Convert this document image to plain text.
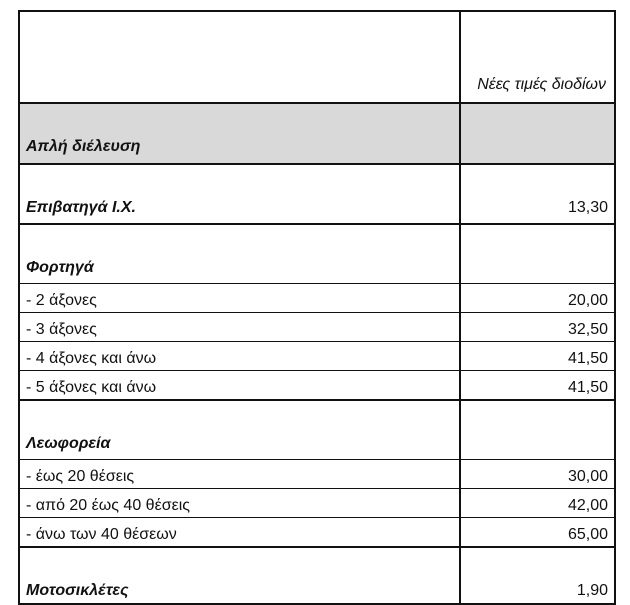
	Νέες τιμές διοδίων
Απλή διέλευση	
Επιβατηγά Ι.Χ.	13,30
Φορτηγά	
- 2 άξονες	20,00
- 3 άξονες	32,50
- 4 άξονες και άνω	41,50
- 5 άξονες και άνω	41,50
Λεωφορεία	
- έως 20 θέσεις	30,00
- από 20 έως 40 θέσεις	42,00
- άνω των 40 θέσεων	65,00
Μοτοσικλέτες	1,90
